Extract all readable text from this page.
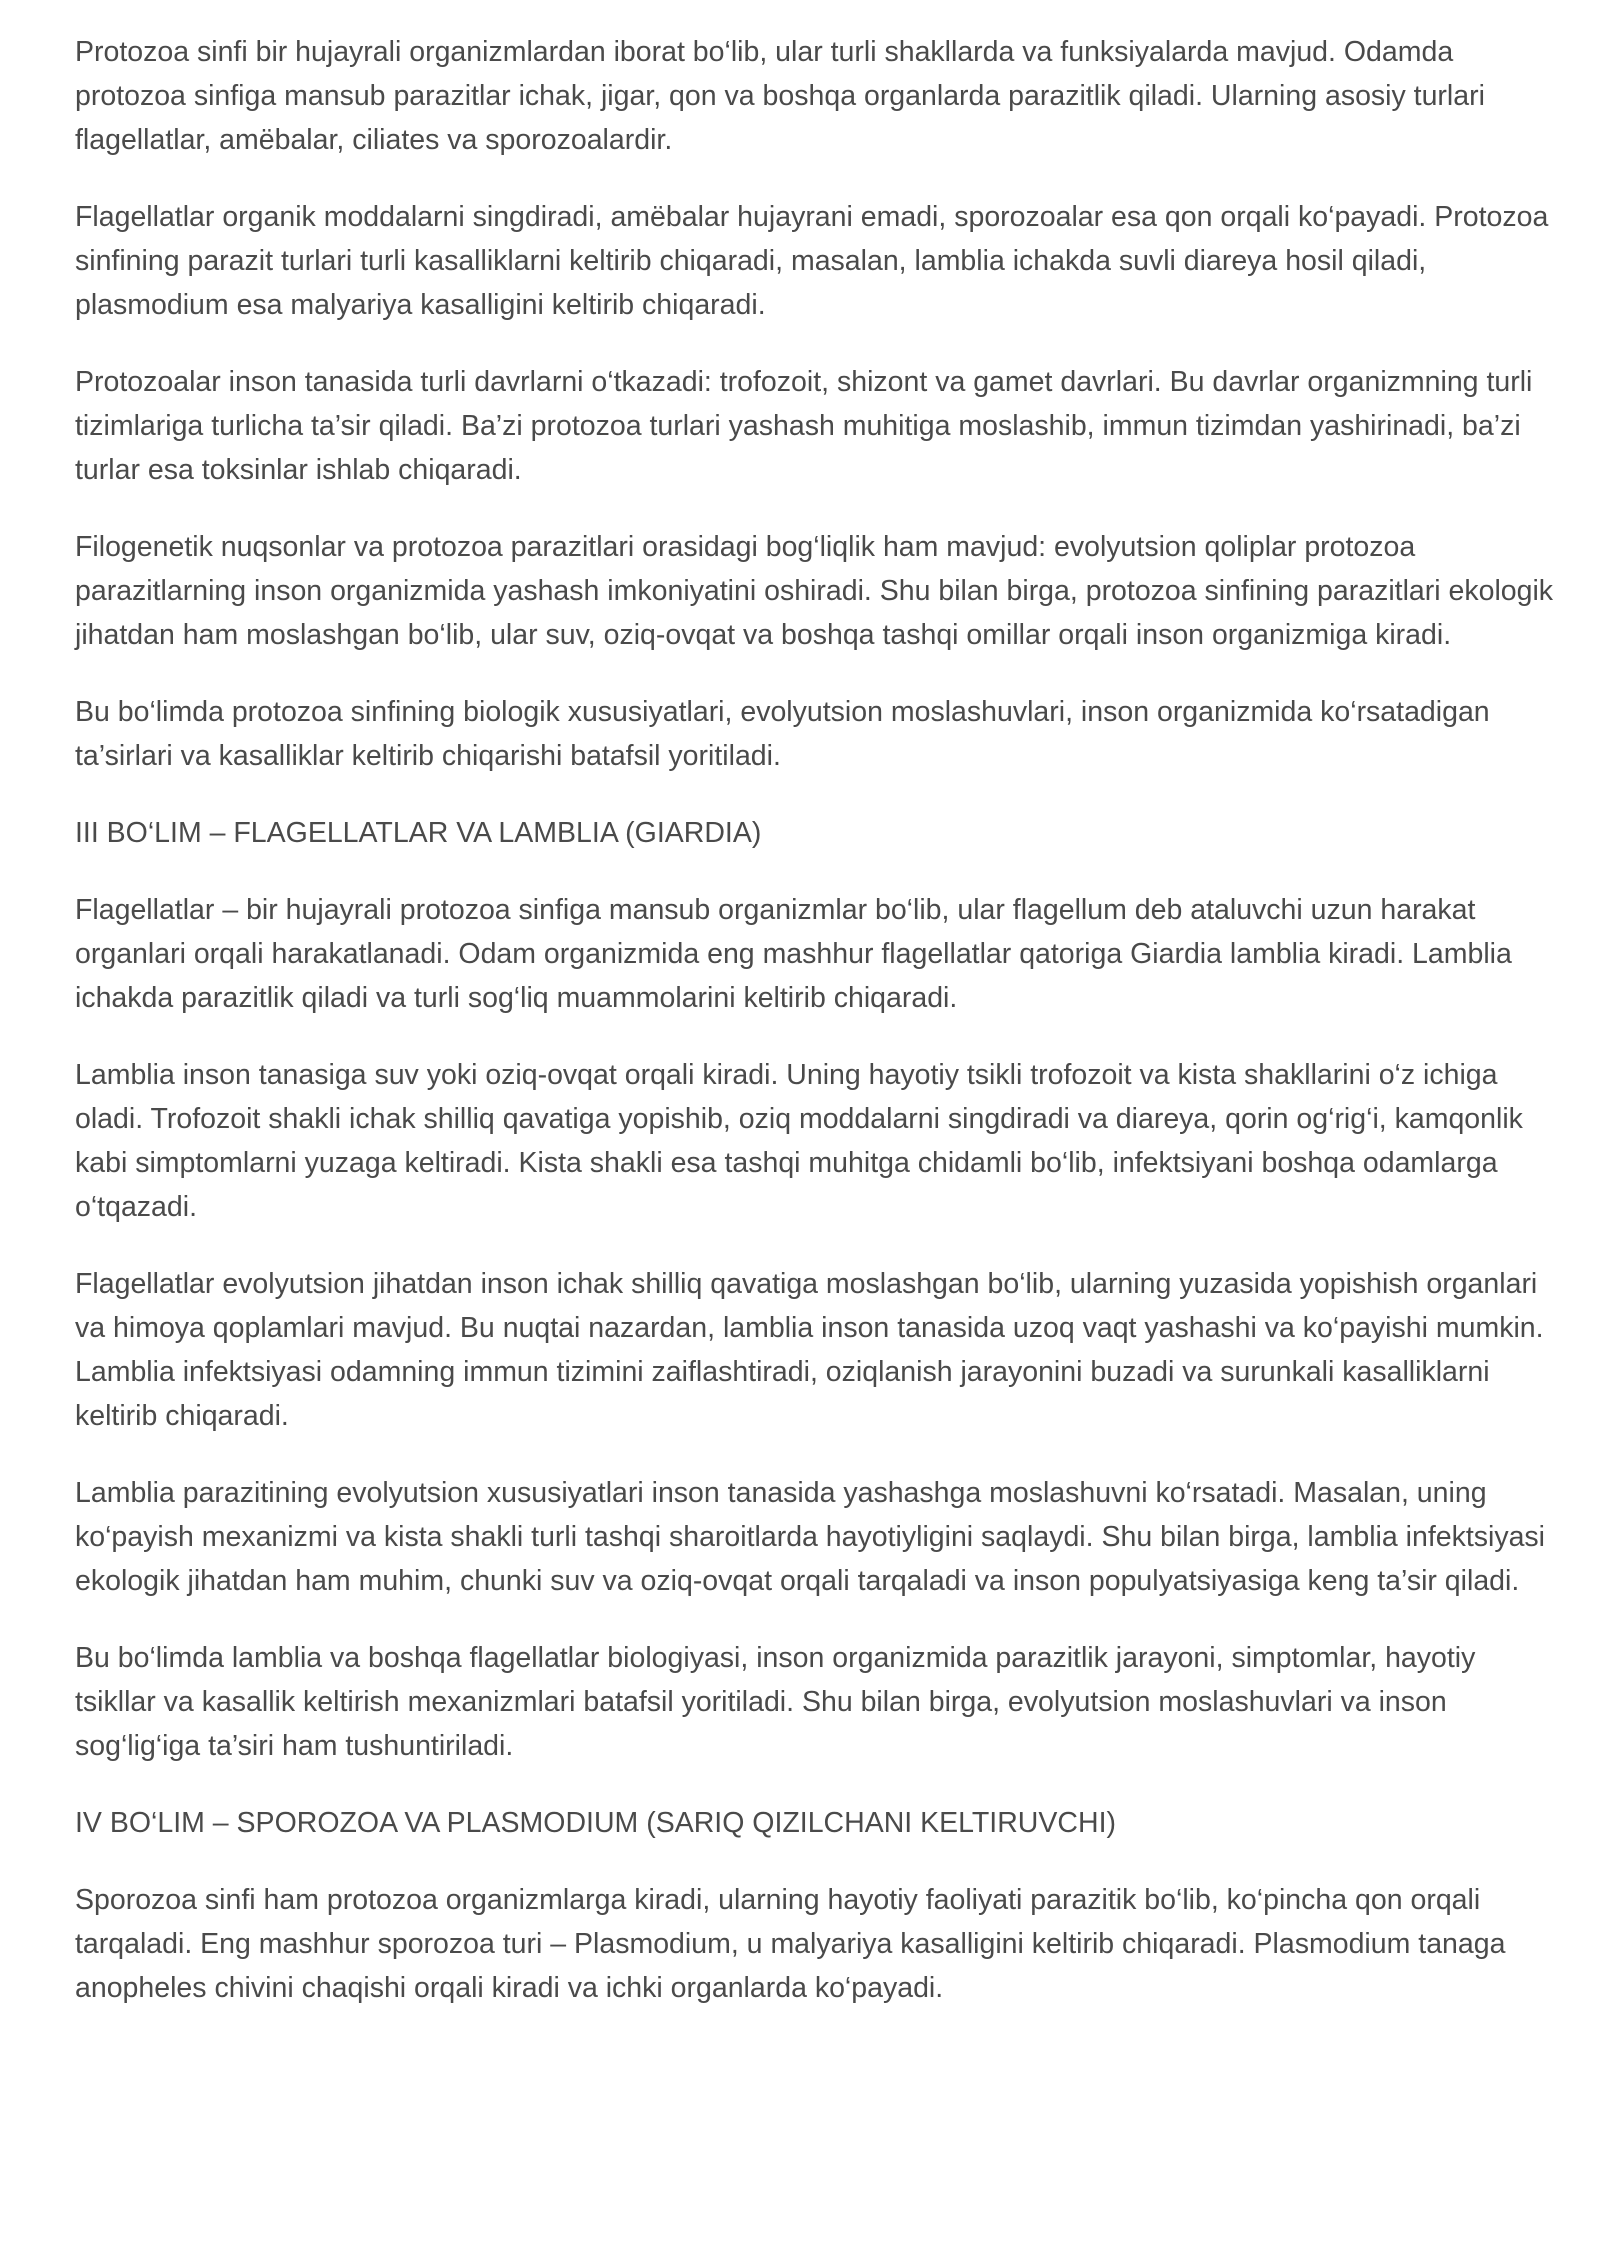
Protozoa sinfi bir hujayrali organizmlardan iborat bo‘lib, ular turli shakllarda va funksiyalarda mavjud. Odamda protozoa sinfiga mansub parazitlar ichak, jigar, qon va boshqa organlarda parazitlik qiladi. Ularning asosiy turlari flagellatlar, amëbalar, ciliates va sporozoalardir.

Flagellatlar organik moddalarni singdiradi, amëbalar hujayrani emadi, sporozoalar esa qon orqali ko‘payadi. Protozoa sinfining parazit turlari turli kasalliklarni keltirib chiqaradi, masalan, lamblia ichakda suvli diareya hosil qiladi, plasmodium esa malyariya kasalligini keltirib chiqaradi.

Protozoalar inson tanasida turli davrlarni o‘tkazadi: trofozoit, shizont va gamet davrlari. Bu davrlar organizmning turli tizimlariga turlicha ta’sir qiladi. Ba’zi protozoa turlari yashash muhitiga moslashib, immun tizimdan yashirinadi, ba’zi turlar esa toksinlar ishlab chiqaradi.

Filogenetik nuqsonlar va protozoa parazitlari orasidagi bog‘liqlik ham mavjud: evolyutsion qoliplar protozoa parazitlarning inson organizmida yashash imkoniyatini oshiradi. Shu bilan birga, protozoa sinfining parazitlari ekologik jihatdan ham moslashgan bo‘lib, ular suv, oziq-ovqat va boshqa tashqi omillar orqali inson organizmiga kiradi.

Bu bo‘limda protozoa sinfining biologik xususiyatlari, evolyutsion moslashuvlari, inson organizmida ko‘rsatadigan ta’sirlari va kasalliklar keltirib chiqarishi batafsil yoritiladi.

III BO‘LIM – FLAGELLATLAR VA LAMBLIA (GIARDIA)

Flagellatlar – bir hujayrali protozoa sinfiga mansub organizmlar bo‘lib, ular flagellum deb ataluvchi uzun harakat organlari orqali harakatlanadi. Odam organizmida eng mashhur flagellatlar qatoriga Giardia lamblia kiradi. Lamblia ichakda parazitlik qiladi va turli sog‘liq muammolarini keltirib chiqaradi.

Lamblia inson tanasiga suv yoki oziq-ovqat orqali kiradi. Uning hayotiy tsikli trofozoit va kista shakllarini o‘z ichiga oladi. Trofozoit shakli ichak shilliq qavatiga yopishib, oziq moddalarni singdiradi va diareya, qorin og‘rig‘i, kamqonlik kabi simptomlarni yuzaga keltiradi. Kista shakli esa tashqi muhitga chidamli bo‘lib, infektsiyani boshqa odamlarga o‘tqazadi.

Flagellatlar evolyutsion jihatdan inson ichak shilliq qavatiga moslashgan bo‘lib, ularning yuzasida yopishish organlari va himoya qoplamlari mavjud. Bu nuqtai nazardan, lamblia inson tanasida uzoq vaqt yashashi va ko‘payishi mumkin. Lamblia infektsiyasi odamning immun tizimini zaiflashtiradi, oziqlanish jarayonini buzadi va surunkali kasalliklarni keltirib chiqaradi.

Lamblia parazitining evolyutsion xususiyatlari inson tanasida yashashga moslashuvni ko‘rsatadi. Masalan, uning ko‘payish mexanizmi va kista shakli turli tashqi sharoitlarda hayotiyligini saqlaydi. Shu bilan birga, lamblia infektsiyasi ekologik jihatdan ham muhim, chunki suv va oziq-ovqat orqali tarqaladi va inson populyatsiyasiga keng ta’sir qiladi.

Bu bo‘limda lamblia va boshqa flagellatlar biologiyasi, inson organizmida parazitlik jarayoni, simptomlar, hayotiy tsikllar va kasallik keltirish mexanizmlari batafsil yoritiladi. Shu bilan birga, evolyutsion moslashuvlari va inson sog‘lig‘iga ta’siri ham tushuntiriladi.

IV BO‘LIM – SPOROZOA VA PLASMODIUM (SARIQ QIZILCHANI KELTIRUVCHI)

Sporozoa sinfi ham protozoa organizmlarga kiradi, ularning hayotiy faoliyati parazitik bo‘lib, ko‘pincha qon orqali tarqaladi. Eng mashhur sporozoa turi – Plasmodium, u malyariya kasalligini keltirib chiqaradi. Plasmodium tanaga anopheles chivini chaqishi orqali kiradi va ichki organlarda ko‘payadi.
